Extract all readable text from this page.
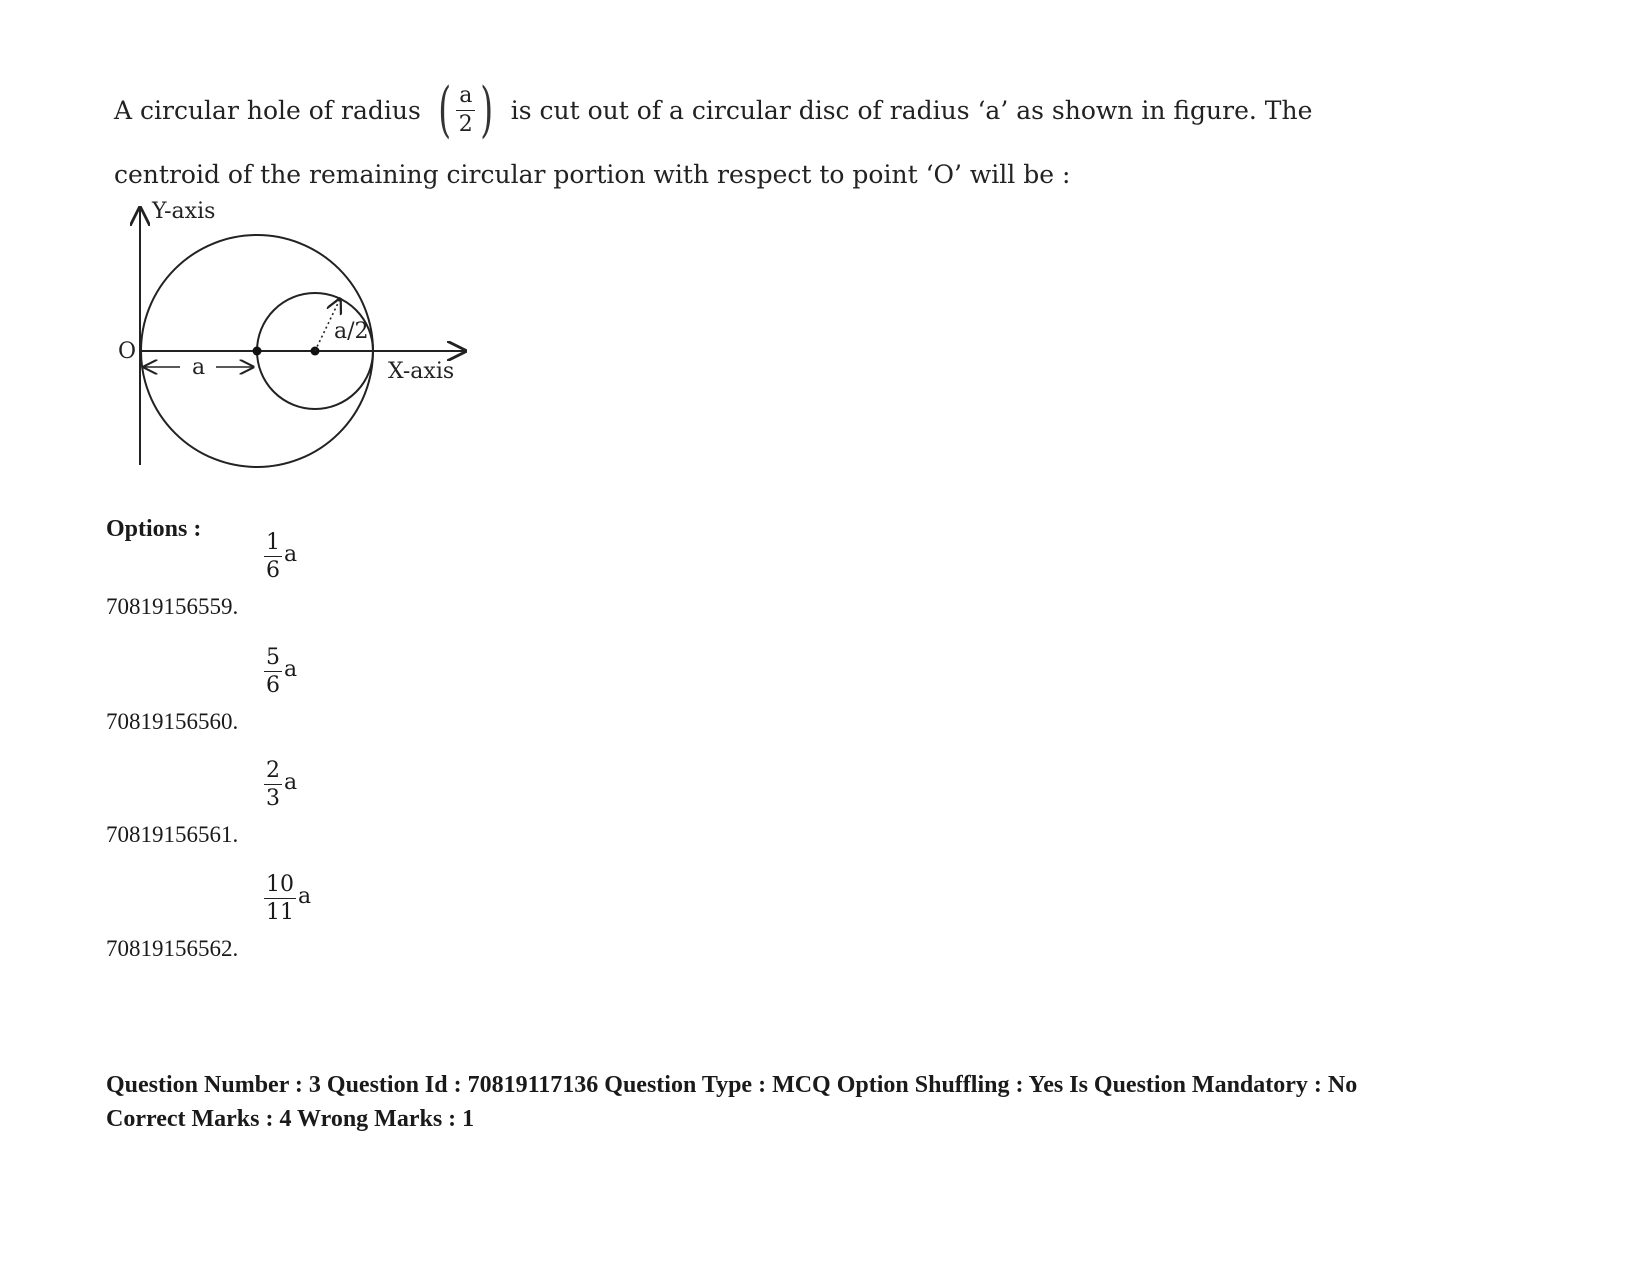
A circular hole of radius ( $\frac{a}{2}$ ) is cut out of a circular disc of radius ‘a’ as shown in figure. The
centroid of the remaining circular portion with respect to point ‘O’ will be :
Y-axis
X-axis
O
a
a/2
Options :
70819156559.
$\frac{1}{6}$ a
70819156560.
$\frac{5}{6}$ a
70819156561.
$\frac{2}{3}$ a
70819156562.
$\frac{10}{11}$ a
Question Number : 3 Question Id : 70819117136 Question Type : MCQ Option Shuffling : Yes Is Question Mandatory : No
Correct Marks : 4 Wrong Marks : 1
